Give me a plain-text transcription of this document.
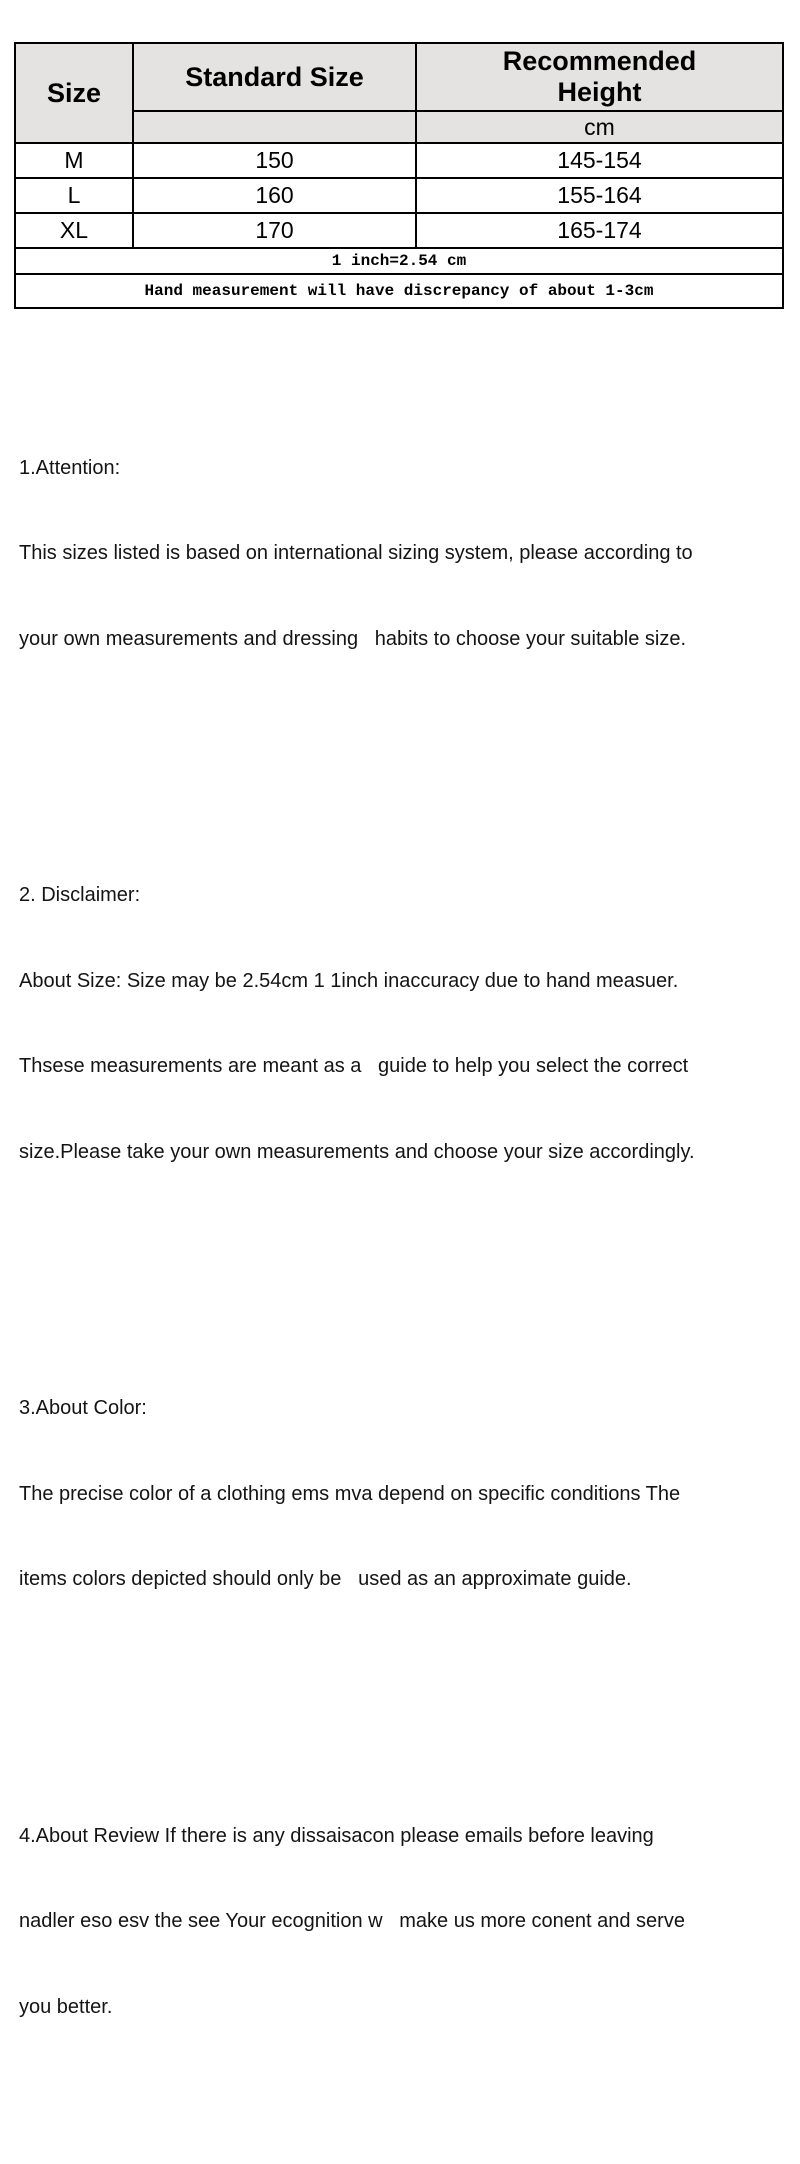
Size	Standard Size	Recommended
Height

		cm
M	150	145-154
L	160	155-164
XL	170	165-174
1 inch=2.54 cm		
Hand measurement will have discrepancy of about 1-3cm		

1.Attention:

This sizes listed is based on international sizing system, please according to

your own measurements and dressing   habits to choose your suitable size.

2. Disclaimer:

About Size: Size may be 2.54cm 1 1inch inaccuracy due to hand measuer.

Thsese measurements are meant as a   guide to help you select the correct

size.Please take your own measurements and choose your size accordingly.

3.About Color:

The precise color of a clothing ems mva depend on specific conditions The

items colors depicted should only be   used as an approximate guide.

4.About Review If there is any dissaisacon please emails before leaving

nadler eso esv the see Your ecognition w   make us more conent and serve

you better.
